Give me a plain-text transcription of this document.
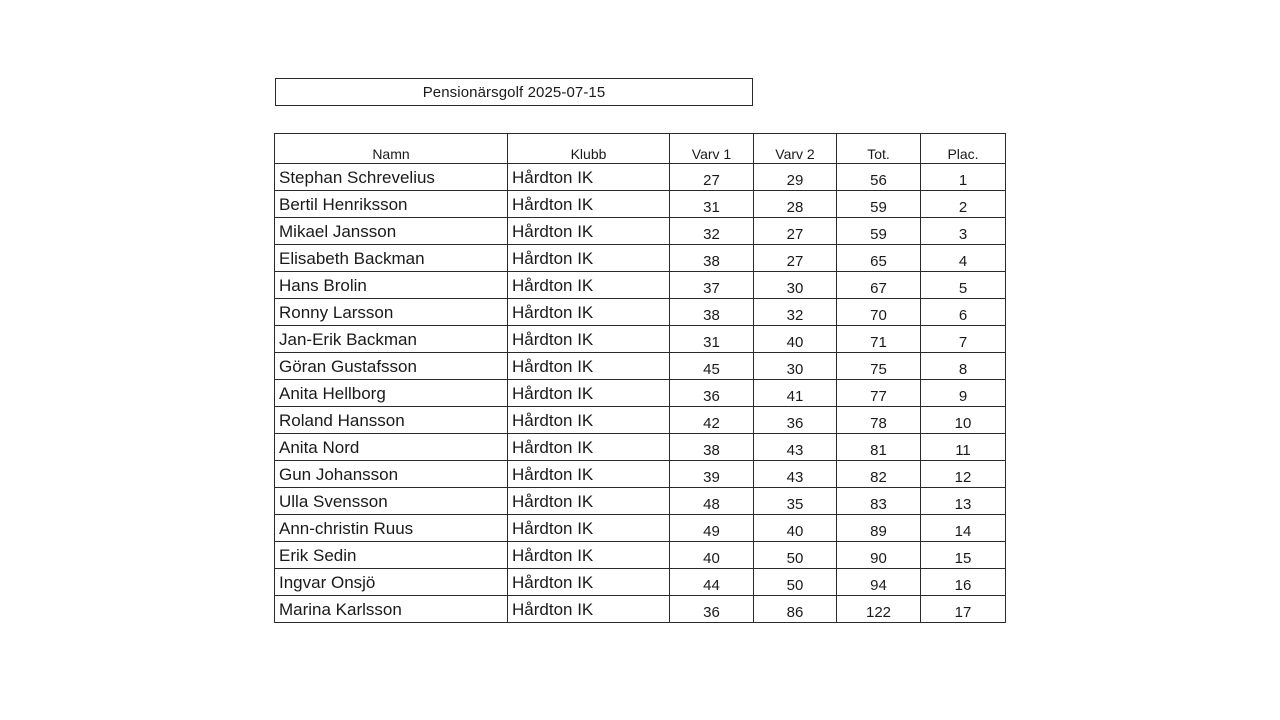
Pensionärsgolf 2025-07-15
Namn	Klubb	Varv 1	Varv 2	Tot.	Plac.
Stephan Schrevelius	Hårdton IK	27	29	56	1
Bertil Henriksson	Hårdton IK	31	28	59	2
Mikael Jansson	Hårdton IK	32	27	59	3
Elisabeth Backman	Hårdton IK	38	27	65	4
Hans Brolin	Hårdton IK	37	30	67	5
Ronny Larsson	Hårdton IK	38	32	70	6
Jan-Erik Backman	Hårdton IK	31	40	71	7
Göran Gustafsson	Hårdton IK	45	30	75	8
Anita Hellborg	Hårdton IK	36	41	77	9
Roland Hansson	Hårdton IK	42	36	78	10
Anita Nord	Hårdton IK	38	43	81	11
Gun Johansson	Hårdton IK	39	43	82	12
Ulla Svensson	Hårdton IK	48	35	83	13
Ann-christin Ruus	Hårdton IK	49	40	89	14
Erik Sedin	Hårdton IK	40	50	90	15
Ingvar Onsjö	Hårdton IK	44	50	94	16
Marina Karlsson	Hårdton IK	36	86	122	17
